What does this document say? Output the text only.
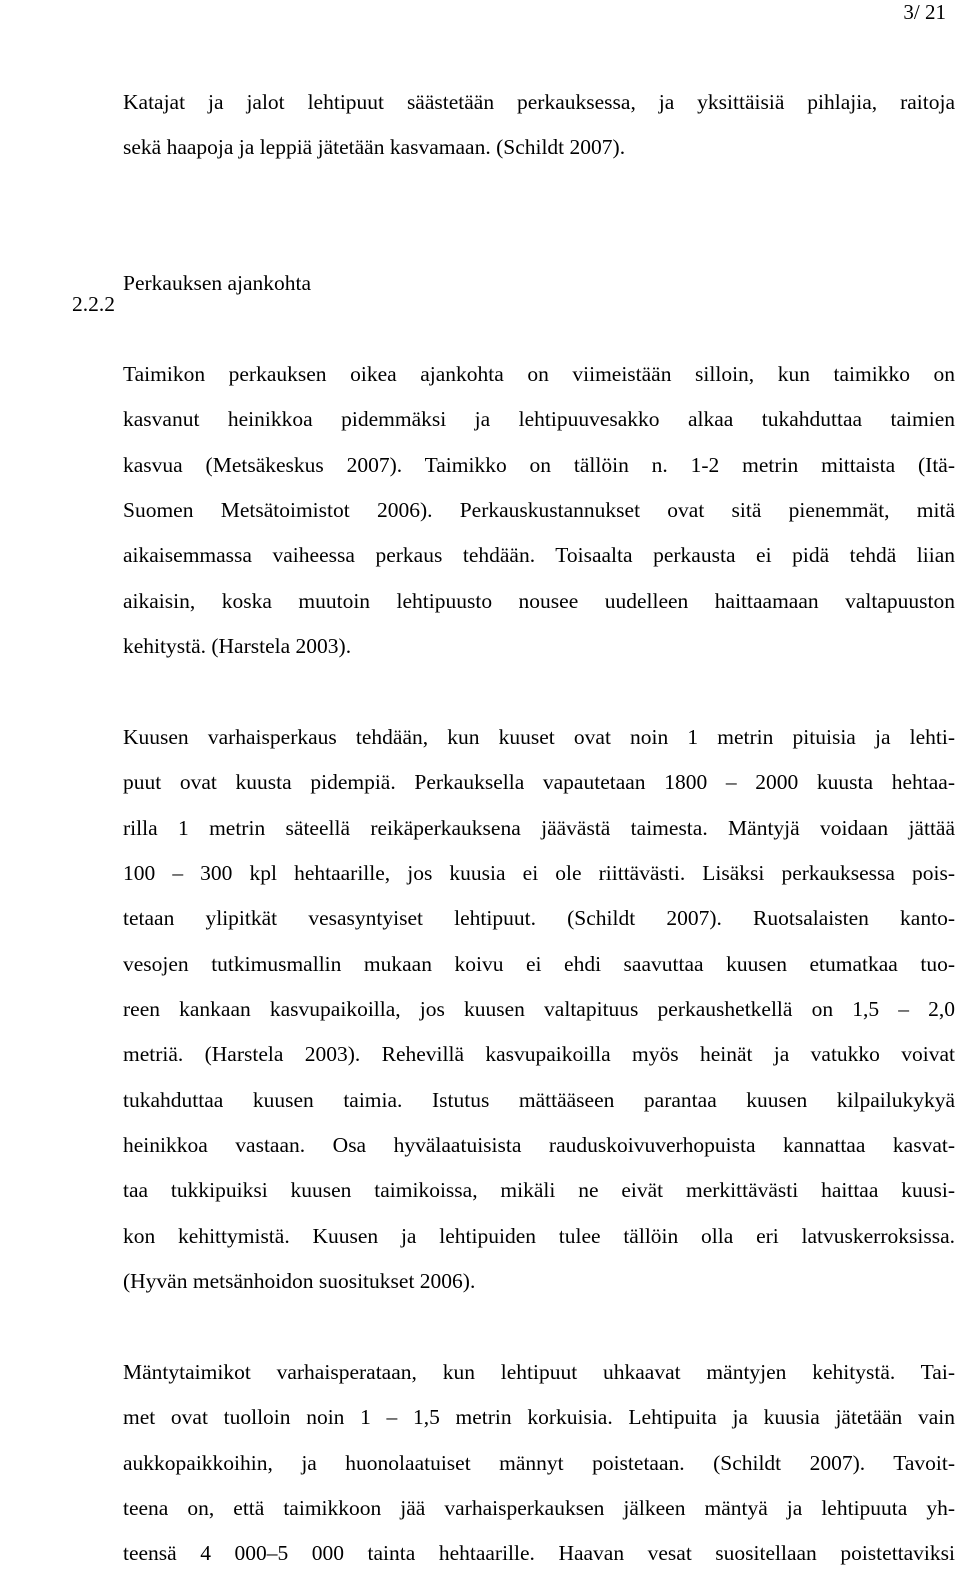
3/ 21
Katajat ja jalot lehtipuut säästetään perkauksessa, ja yksittäisiä pihlajia, raitoja
sekä haapoja ja leppiä jätetään kasvamaan. (Schildt 2007).
2.2.2
Perkauksen ajankohta
Taimikon perkauksen oikea ajankohta on viimeistään silloin, kun taimikko on
kasvanut heinikkoa pidemmäksi ja lehtipuuvesakko alkaa tukahduttaa taimien
kasvua (Metsäkeskus 2007). Taimikko on tällöin n. 1-2 metrin mittaista (Itä-
Suomen Metsätoimistot 2006). Perkauskustannukset ovat sitä pienemmät, mitä
aikaisemmassa vaiheessa perkaus tehdään. Toisaalta perkausta ei pidä tehdä liian
aikaisin, koska muutoin lehtipuusto nousee uudelleen haittaamaan valtapuuston
kehitystä. (Harstela 2003).
Kuusen varhaisperkaus tehdään, kun kuuset ovat noin 1 metrin pituisia ja lehti-
puut ovat kuusta pidempiä. Perkauksella vapautetaan 1800 – 2000 kuusta hehtaa-
rilla 1 metrin säteellä reikäperkauksena jäävästä taimesta. Mäntyjä voidaan jättää
100 – 300 kpl hehtaarille, jos kuusia ei ole riittävästi. Lisäksi perkauksessa pois-
tetaan ylipitkät vesasyntyiset lehtipuut. (Schildt 2007). Ruotsalaisten kanto-
vesojen tutkimusmallin mukaan koivu ei ehdi saavuttaa kuusen etumatkaa tuo-
reen kankaan kasvupaikoilla, jos kuusen valtapituus perkaushetkellä on 1,5 – 2,0
metriä. (Harstela 2003). Rehevillä kasvupaikoilla myös heinät ja vatukko voivat
tukahduttaa kuusen taimia. Istutus mättääseen parantaa kuusen kilpailukykyä
heinikkoa vastaan. Osa hyvälaatuisista rauduskoivuverhopuista kannattaa kasvat-
taa tukkipuiksi kuusen taimikoissa, mikäli ne eivät merkittävästi haittaa kuusi-
kon kehittymistä. Kuusen ja lehtipuiden tulee tällöin olla eri latvuskerroksissa.
(Hyvän metsänhoidon suositukset 2006).
Mäntytaimikot varhaisperataan, kun lehtipuut uhkaavat mäntyjen kehitystä. Tai-
met ovat tuolloin noin 1 – 1,5 metrin korkuisia. Lehtipuita ja kuusia jätetään vain
aukkopaikkoihin, ja huonolaatuiset männyt poistetaan. (Schildt 2007). Tavoit-
teena on, että taimikkoon jää varhaisperkauksen jälkeen mäntyä ja lehtipuuta yh-
teensä 4 000–5 000 tainta hehtaarille. Haavan vesat suositellaan poistettaviksi
